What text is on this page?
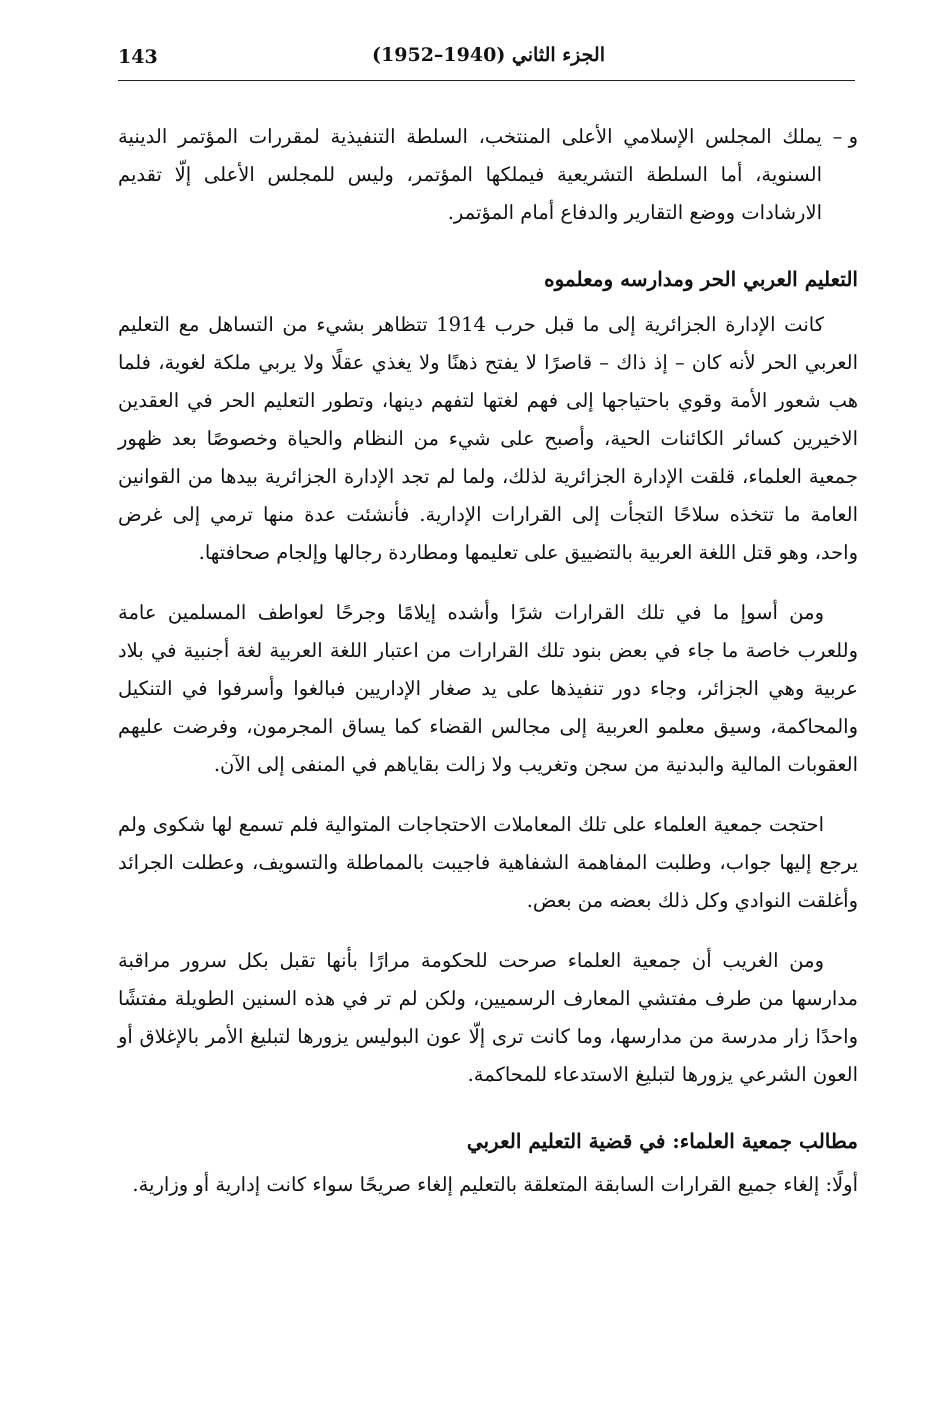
143	الجزء الثاني (1940–1952)

و –
يملك المجلس الإسلامي الأعلى المنتخب، السلطة التنفيذية لمقررات المؤتمر الدينية السنوية، أما السلطة التشريعية فيملكها المؤتمر، وليس للمجلس الأعلى إلّا تقديم الارشادات ووضع التقارير والدفاع أمام المؤتمر.

التعليم العربي الحر ومدارسه ومعلموه

كانت الإدارة الجزائرية إلى ما قبل حرب 1914 تتظاهر بشيء من التساهل مع التعليم العربي الحر لأنه كان – إذ ذاك – قاصرًا لا يفتح ذهنًا ولا يغذي عقلًا ولا يربي ملكة لغوية، فلما هب شعور الأمة وقوي باحتياجها إلى فهم لغتها لتفهم دينها، وتطور التعليم الحر في العقدين الاخيرين كسائر الكائنات الحية، وأصبح على شيء من النظام والحياة وخصوصًا بعد ظهور جمعية العلماء، قلقت الإدارة الجزائرية لذلك، ولما لم تجد الإدارة الجزائرية بيدها من القوانين العامة ما تتخذه سلاحًا التجأت إلى القرارات الإدارية. فأنشئت عدة منها ترمي إلى غرض واحد، وهو قتل اللغة العربية بالتضييق على تعليمها ومطاردة رجالها وإلجام صحافتها.

ومن أسوإ ما في تلك القرارات شرًا وأشده إيلامًا وجرحًا لعواطف المسلمين عامة وللعرب خاصة ما جاء في بعض بنود تلك القرارات من اعتبار اللغة العربية لغة أجنبية في بلاد عربية وهي الجزائر، وجاء دور تنفيذها على يد صغار الإداريين فبالغوا وأسرفوا في التنكيل والمحاكمة، وسيق معلمو العربية إلى مجالس القضاء كما يساق المجرمون، وفرضت عليهم العقوبات المالية والبدنية من سجن وتغريب ولا زالت بقاياهم في المنفى إلى الآن.

احتجت جمعية العلماء على تلك المعاملات الاحتجاجات المتوالية فلم تسمع لها شكوى ولم يرجع إليها جواب، وطلبت المفاهمة الشفاهية فاجيبت بالمماطلة والتسويف، وعطلت الجرائد وأغلقت النوادي وكل ذلك بعضه من بعض.

ومن الغريب أن جمعية العلماء صرحت للحكومة مرارًا بأنها تقبل بكل سرور مراقبة مدارسها من طرف مفتشي المعارف الرسميين، ولكن لم تر في هذه السنين الطويلة مفتشًا واحدًا زار مدرسة من مدارسها، وما كانت ترى إلّا عون البوليس يزورها لتبليغ الأمر بالإغلاق أو العون الشرعي يزورها لتبليغ الاستدعاء للمحاكمة.

مطالب جمعية العلماء: في قضية التعليم العربي

أولًا: إلغاء جميع القرارات السابقة المتعلقة بالتعليم إلغاء صريحًا سواء كانت إدارية أو وزارية.
